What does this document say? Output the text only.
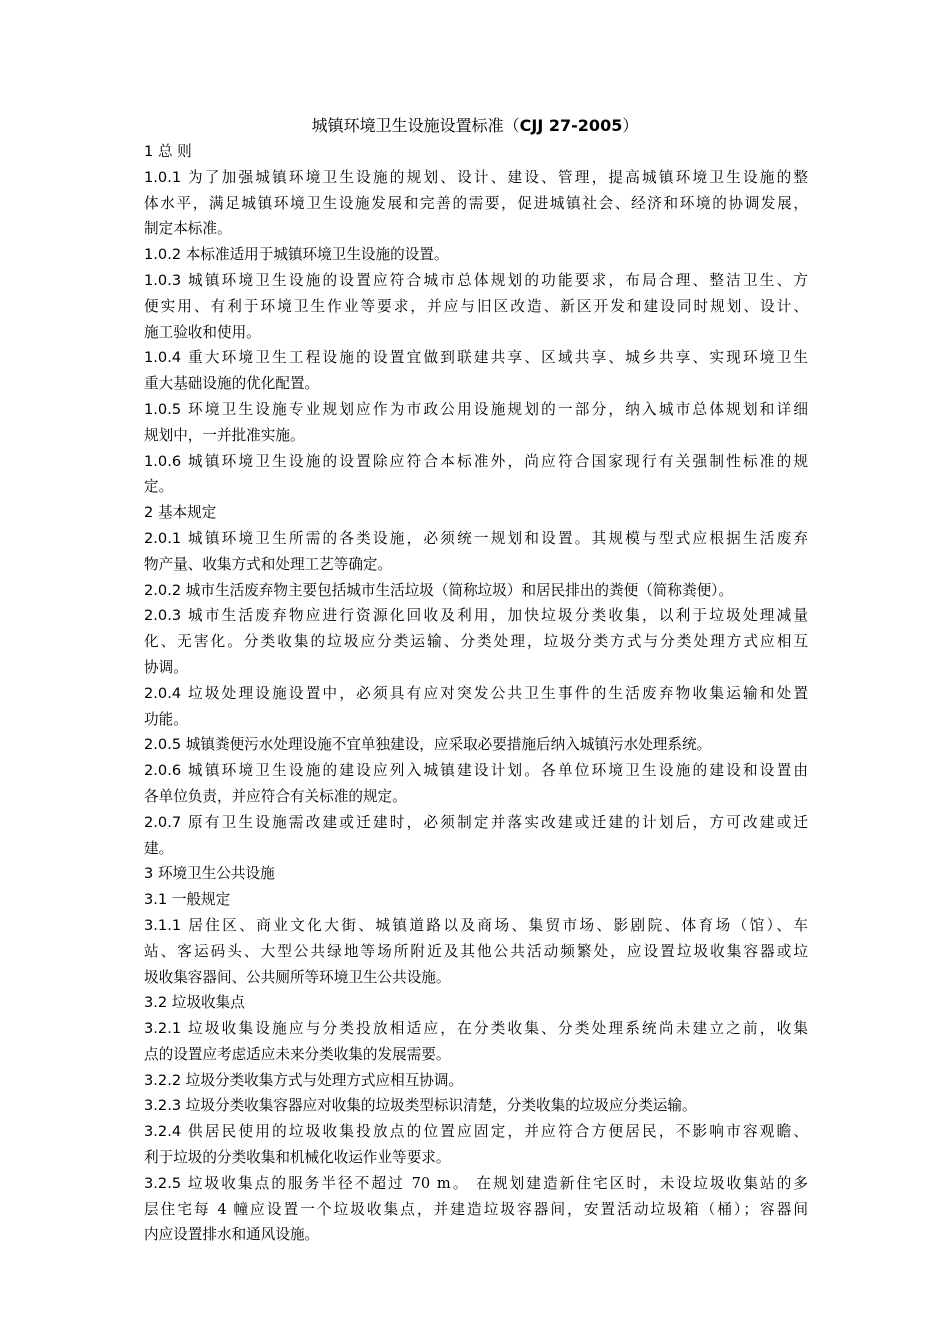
城镇环境卫生设施设置标准（CJJ 27-2005）
1 总 则
1.0.1 为了加强城镇环境卫生设施的规划、设计、建设、管理，提高城镇环境卫生设施的整
体水平，满足城镇环境卫生设施发展和完善的需要，促进城镇社会、经济和环境的协调发展，
制定本标准。
1.0.2 本标准适用于城镇环境卫生设施的设置。
1.0.3 城镇环境卫生设施的设置应符合城市总体规划的功能要求，布局合理、整洁卫生、方
便实用、有利于环境卫生作业等要求，并应与旧区改造、新区开发和建设同时规划、设计、
施工验收和使用。
1.0.4 重大环境卫生工程设施的设置宜做到联建共享、区域共享、城乡共享、实现环境卫生
重大基础设施的优化配置。
1.0.5 环境卫生设施专业规划应作为市政公用设施规划的一部分，纳入城市总体规划和详细
规划中，一并批准实施。
1.0.6 城镇环境卫生设施的设置除应符合本标准外，尚应符合国家现行有关强制性标准的规
定。
2 基本规定
2.0.1 城镇环境卫生所需的各类设施，必须统一规划和设置。其规模与型式应根据生活废弃
物产量、收集方式和处理工艺等确定。
2.0.2 城市生活废弃物主要包括城市生活垃圾（简称垃圾）和居民排出的粪便（简称粪便）。
2.0.3 城市生活废弃物应进行资源化回收及利用，加快垃圾分类收集，以利于垃圾处理减量
化、无害化。分类收集的垃圾应分类运输、分类处理，垃圾分类方式与分类处理方式应相互
协调。
2.0.4 垃圾处理设施设置中，必须具有应对突发公共卫生事件的生活废弃物收集运输和处置
功能。
2.0.5 城镇粪便污水处理设施不宜单独建设，应采取必要措施后纳入城镇污水处理系统。
2.0.6 城镇环境卫生设施的建设应列入城镇建设计划。各单位环境卫生设施的建设和设置由
各单位负责，并应符合有关标准的规定。
2.0.7 原有卫生设施需改建或迁建时，必须制定并落实改建或迁建的计划后，方可改建或迁
建。
3 环境卫生公共设施
3.1 一般规定
3.1.1 居住区、商业文化大街、城镇道路以及商场、集贸市场、影剧院、体育场（馆）、车
站、客运码头、大型公共绿地等场所附近及其他公共活动频繁处，应设置垃圾收集容器或垃
圾收集容器间、公共厕所等环境卫生公共设施。
3.2 垃圾收集点
3.2.1 垃圾收集设施应与分类投放相适应，在分类收集、分类处理系统尚未建立之前，收集
点的设置应考虑适应未来分类收集的发展需要。
3.2.2 垃圾分类收集方式与处理方式应相互协调。
3.2.3 垃圾分类收集容器应对收集的垃圾类型标识清楚，分类收集的垃圾应分类运输。
3.2.4 供居民使用的垃圾收集投放点的位置应固定，并应符合方便居民，不影响市容观瞻、
利于垃圾的分类收集和机械化收运作业等要求。
3.2.5 垃圾收集点的服务半径不超过 70 m。 在规划建造新住宅区时，未设垃圾收集站的多
层住宅每 4 幢应设置一个垃圾收集点，并建造垃圾容器间，安置活动垃圾箱（桶）；容器间
内应设置排水和通风设施。
